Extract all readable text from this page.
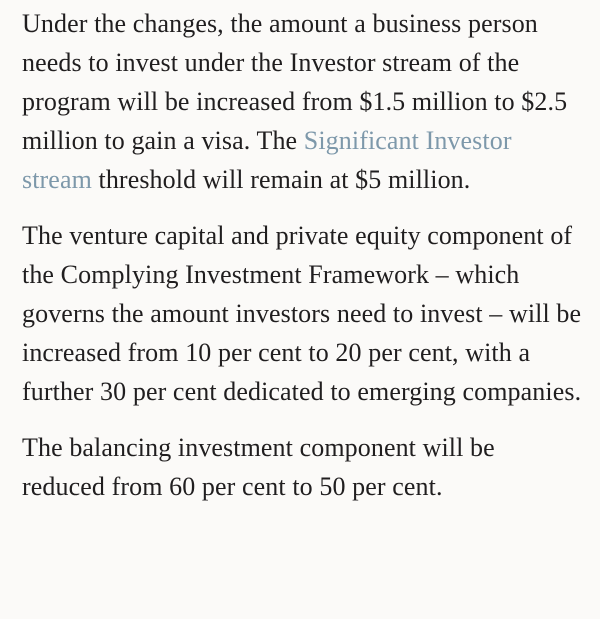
Under the changes, the amount a business person needs to invest under the Investor stream of the program will be increased from $1.5 million to $2.5 million to gain a visa. The Significant Investor stream threshold will remain at $5 million.

The venture capital and private equity component of the Complying Investment Framework – which governs the amount investors need to invest – will be increased from 10 per cent to 20 per cent, with a further 30 per cent dedicated to emerging companies.

The balancing investment component will be reduced from 60 per cent to 50 per cent.
